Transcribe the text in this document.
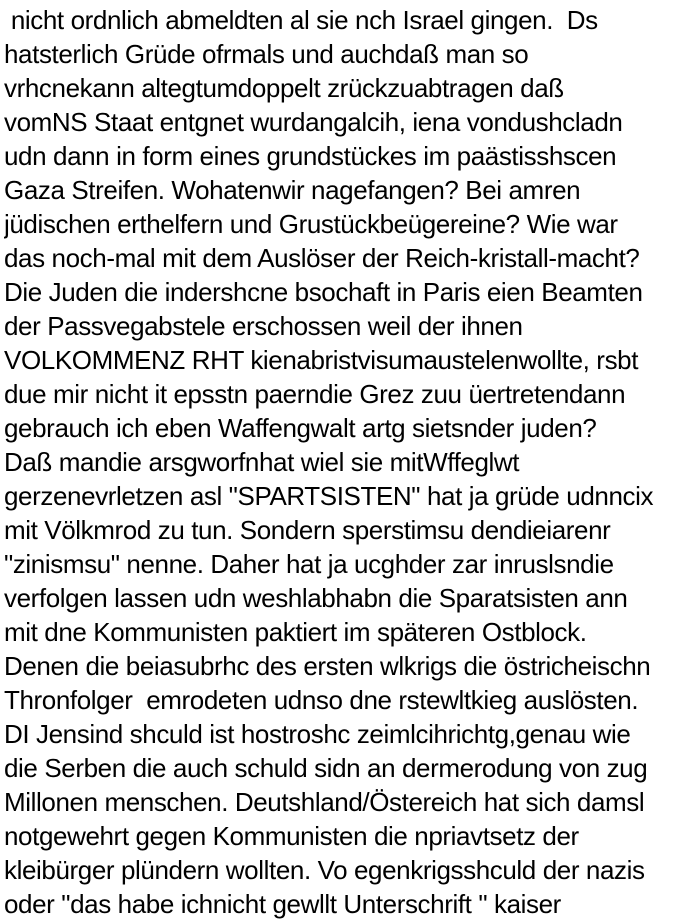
nicht ordnlich abmeldten al sie nch Israel gingen.  Ds
hatsterlich Grüde ofrmals und auchdaß man so
vrhcnekann altegtumdoppelt zrückzuabtragen daß
vomNS Staat entgnet wurdangalcih, iena vondushcladn
udn dann in form eines grundstückes im paästisshscen
Gaza Streifen. Wohatenwir nagefangen? Bei amren
jüdischen erthelfern und Grustückbeügereine? Wie war
das noch-mal mit dem Auslöser der Reich-kristall-macht?
Die Juden die indershcne bsochaft in Paris eien Beamten
der Passvegabstele erschossen weil der ihnen
VOLKOMMENZ RHT kienabristvisumaustelenwollte, rsbt
due mir nicht it epsstn paerndie Grez zuu üertretendann
gebrauch ich eben Waffengwalt artg sietsnder juden?
Daß mandie arsgworfnhat wiel sie mitWffeglwt
gerzenevrletzen asl "SPARTSISTEN" hat ja grüde udnncix
mit Völkmrod zu tun. Sondern sperstimsu dendieiarenr
"zinismsu" nenne. Daher hat ja ucghder zar inruslsndie
verfolgen lassen udn weshlabhabn die Sparatsisten ann
mit dne Kommunisten paktiert im späteren Ostblock.
Denen die beiasubrhc des ersten wlkrigs die östricheischn
Thronfolger  emrodeten udnso dne rstewltkieg auslösten.
DI Jensind shculd ist hostroshc zeimlcihrichtg,genau wie
die Serben die auch schuld sidn an dermerodung von zug
Millonen menschen. Deutshland/Östereich hat sich damsl
notgewehrt gegen Kommunisten die npriavtsetz der
kleibürger plündern wollten. Vo egenkrigsshculd der nazis
oder "das habe ichnicht gewllt Unterschrift " kaiser
